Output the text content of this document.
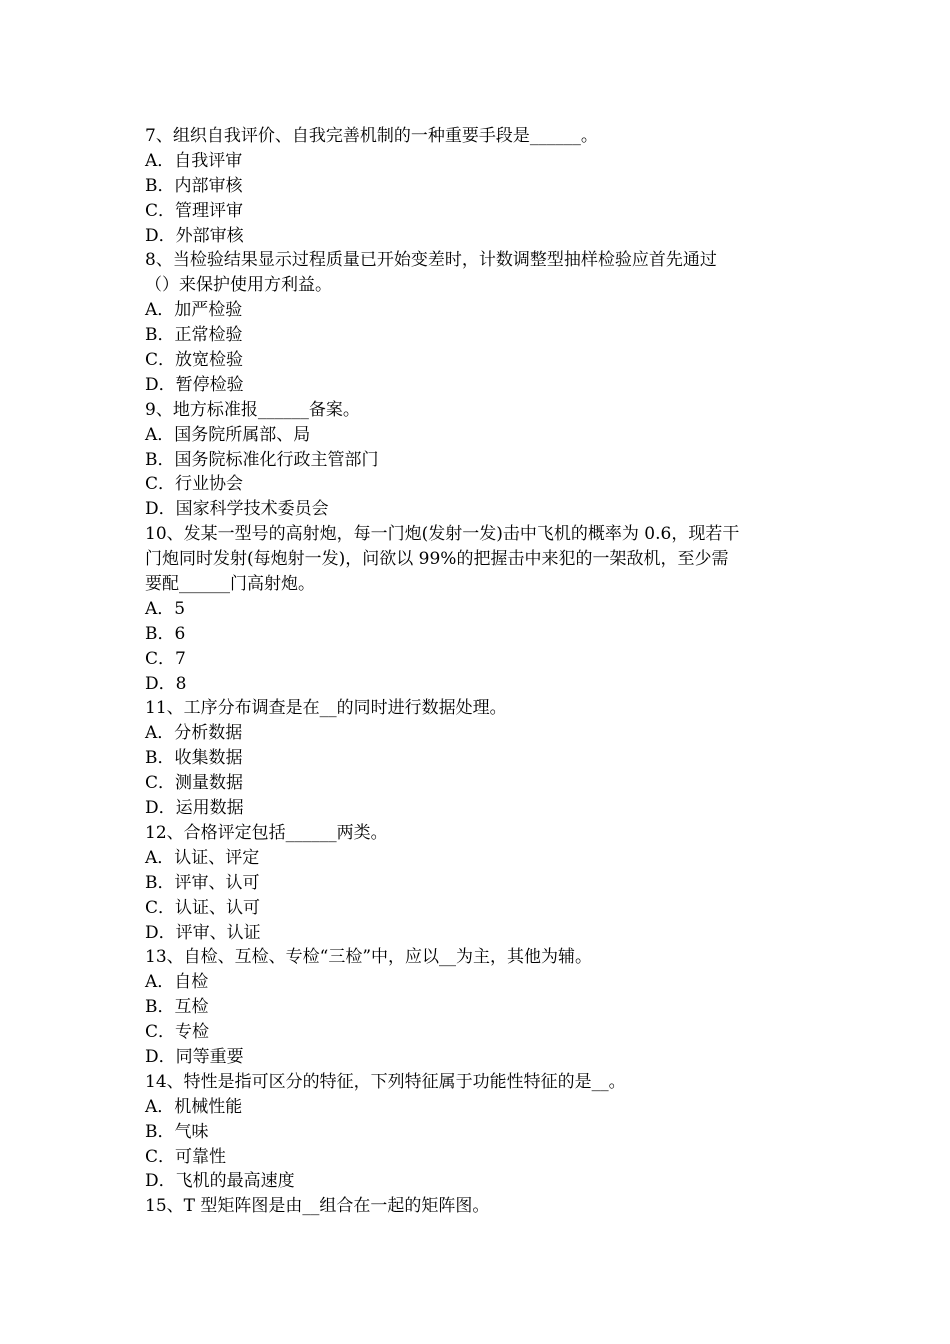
7、组织自我评价、自我完善机制的一种重要手段是______。

A．自我评审

B．内部审核

C．管理评审

D．外部审核

8、当检验结果显示过程质量已开始变差时，计数调整型抽样检验应首先通过

（）来保护使用方利益。

A．加严检验

B．正常检验

C．放宽检验

D．暂停检验

9、地方标准报______备案。

A．国务院所属部、局

B．国务院标准化行政主管部门

C．行业协会

D．国家科学技术委员会

10、发某一型号的高射炮，每一门炮(发射一发)击中飞机的概率为 0.6，现若干

门炮同时发射(每炮射一发)，问欲以 99%的把握击中来犯的一架敌机，至少需

要配______门高射炮。

A．5

B．6

C．7

D．8

11、工序分布调查是在__的同时进行数据处理。

A．分析数据

B．收集数据

C．测量数据

D．运用数据

12、合格评定包括______两类。

A．认证、评定

B．评审、认可

C．认证、认可

D．评审、认证

13、自检、互检、专检“三检”中，应以__为主，其他为辅。

A．自检

B．互检

C．专检

D．同等重要

14、特性是指可区分的特征，下列特征属于功能性特征的是__。

A．机械性能

B．气味

C．可靠性

D．飞机的最高速度

15、T 型矩阵图是由__组合在一起的矩阵图。
